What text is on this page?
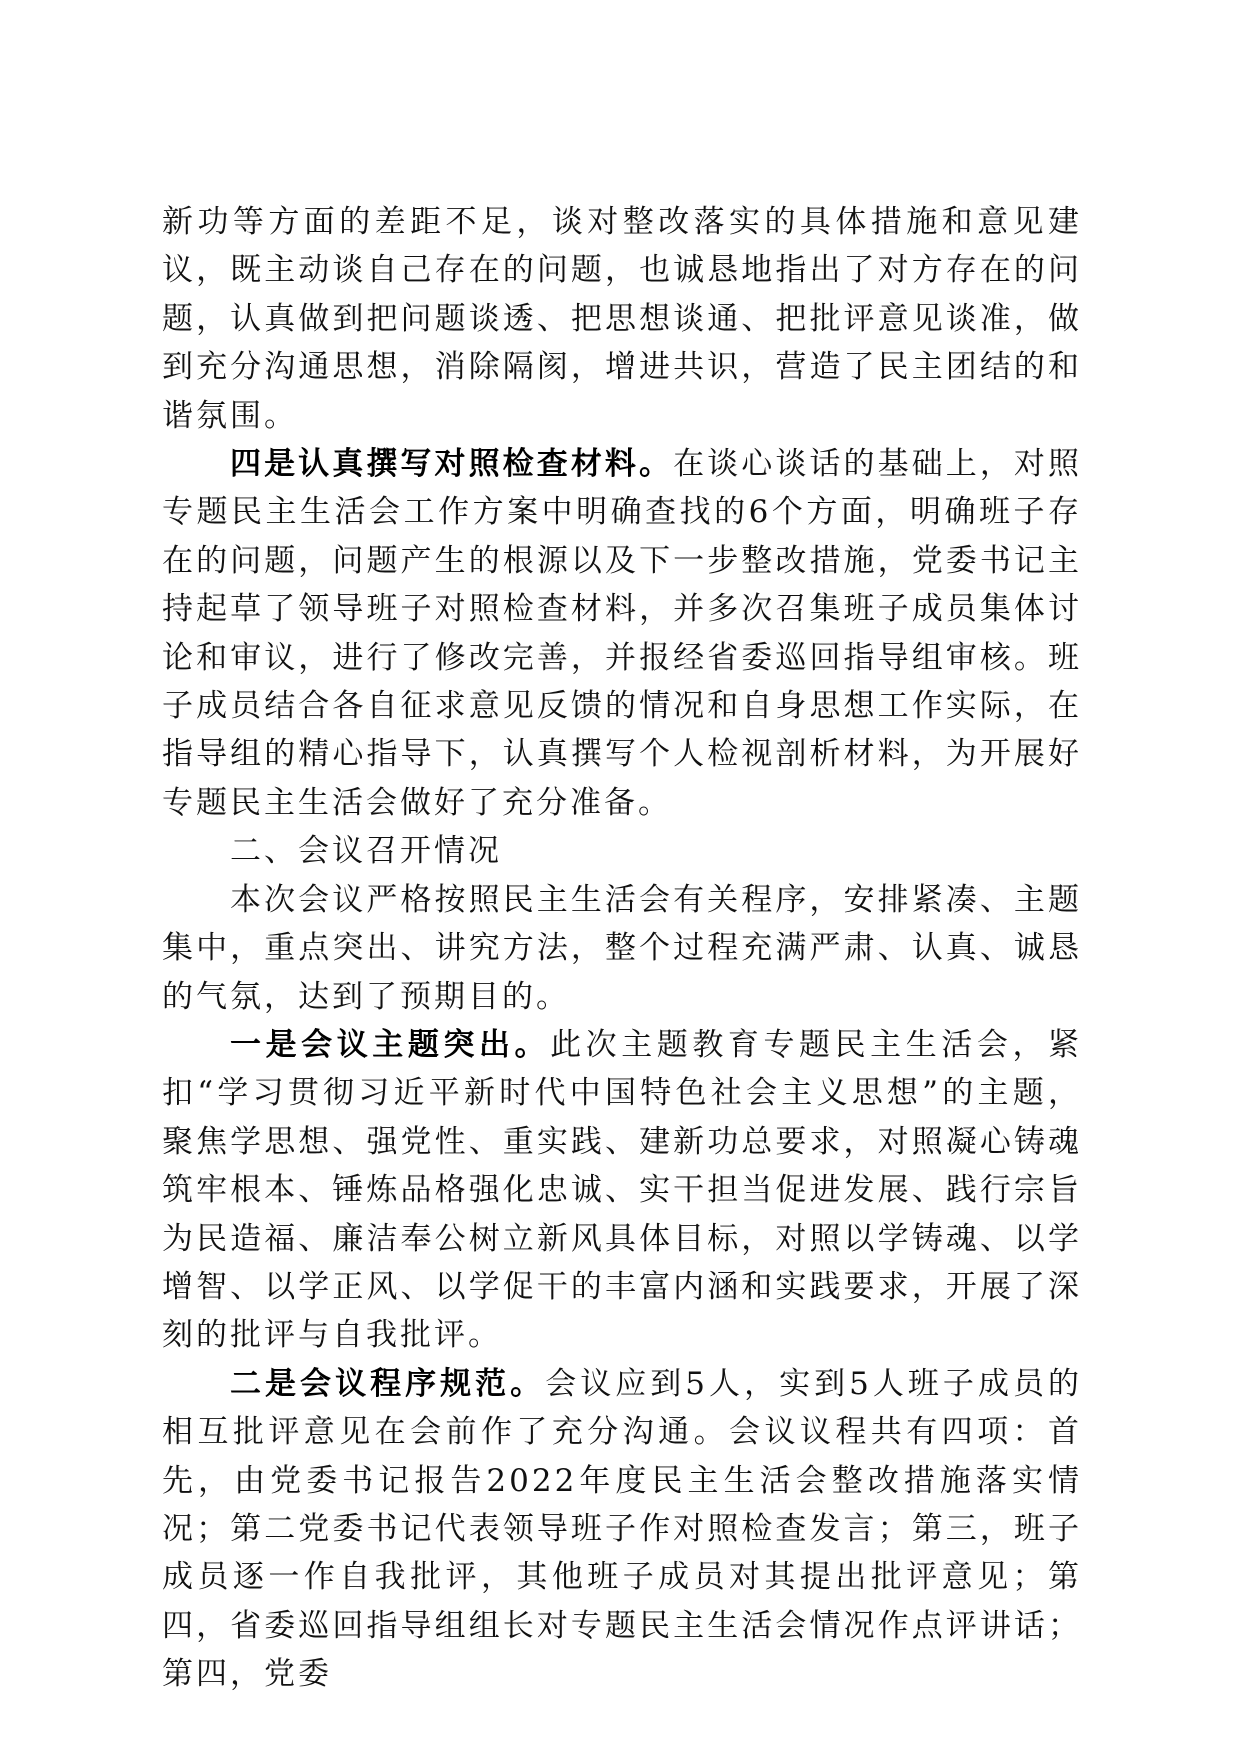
新功等方面的差距不足，谈对整改落实的具体措施和意见建议，既主动谈自己存在的问题，也诚恳地指出了对方存在的问题，认真做到把问题谈透、把思想谈通、把批评意见谈准，做到充分沟通思想，消除隔阂，增进共识，营造了民主团结的和谐氛围。

四是认真撰写对照检查材料。在谈心谈话的基础上，对照专题民主生活会工作方案中明确查找的6个方面，明确班子存在的问题，问题产生的根源以及下一步整改措施，党委书记主持起草了领导班子对照检查材料，并多次召集班子成员集体讨论和审议，进行了修改完善，并报经省委巡回指导组审核。班子成员结合各自征求意见反馈的情况和自身思想工作实际，在指导组的精心指导下，认真撰写个人检视剖析材料，为开展好专题民主生活会做好了充分准备。

二、会议召开情况

本次会议严格按照民主生活会有关程序，安排紧凑、主题集中，重点突出、讲究方法，整个过程充满严肃、认真、诚恳的气氛，达到了预期目的。

一是会议主题突出。此次主题教育专题民主生活会，紧扣“学习贯彻习近平新时代中国特色社会主义思想”的主题，聚焦学思想、强党性、重实践、建新功总要求，对照凝心铸魂筑牢根本、锤炼品格强化忠诚、实干担当促进发展、践行宗旨为民造福、廉洁奉公树立新风具体目标，对照以学铸魂、以学增智、以学正风、以学促干的丰富内涵和实践要求，开展了深刻的批评与自我批评。

二是会议程序规范。会议应到5人，实到5人班子成员的相互批评意见在会前作了充分沟通。会议议程共有四项：首先，由党委书记报告2022年度民主生活会整改措施落实情况；第二党委书记代表领导班子作对照检查发言；第三，班子成员逐一作自我批评，其他班子成员对其提出批评意见；第四，省委巡回指导组组长对专题民主生活会情况作点评讲话；第四，党委
